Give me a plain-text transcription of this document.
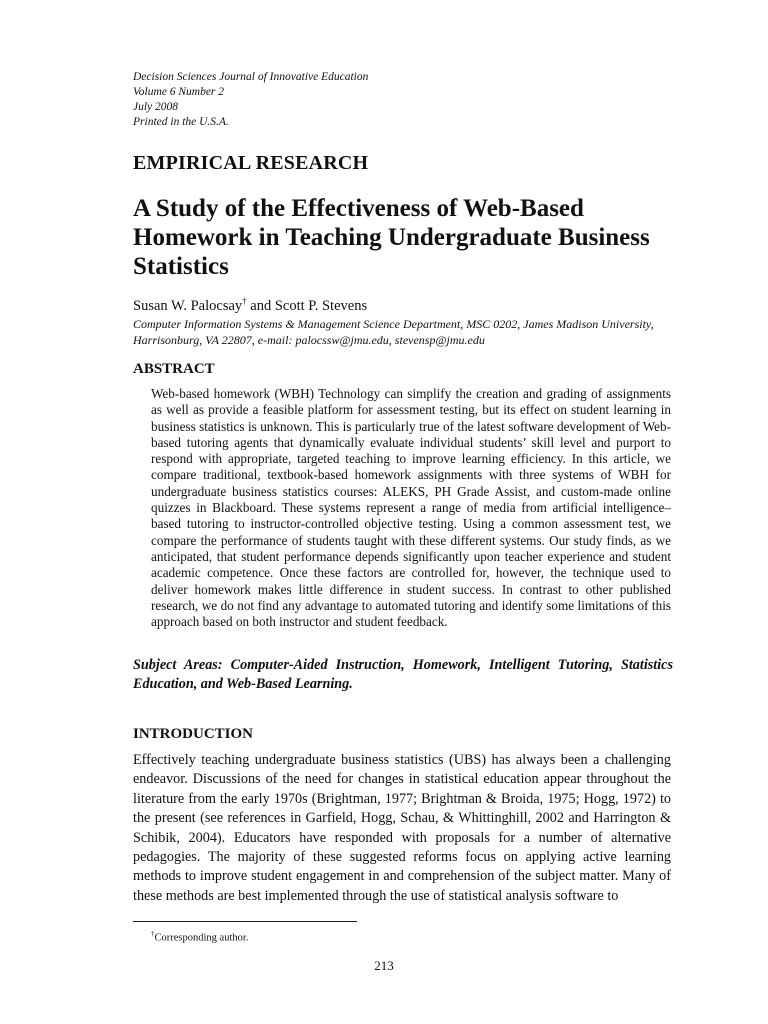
Decision Sciences Journal of Innovative Education
Volume 6 Number 2
July 2008
Printed in the U.S.A.
EMPIRICAL RESEARCH
A Study of the Effectiveness of Web-Based Homework in Teaching Undergraduate Business Statistics
Susan W. Palocsay† and Scott P. Stevens
Computer Information Systems & Management Science Department, MSC 0202, James Madison University, Harrisonburg, VA 22807, e-mail: palocssw@jmu.edu, stevensp@jmu.edu
ABSTRACT
Web-based homework (WBH) Technology can simplify the creation and grading of assignments as well as provide a feasible platform for assessment testing, but its effect on student learning in business statistics is unknown. This is particularly true of the latest software development of Web-based tutoring agents that dynamically evaluate individual students’ skill level and purport to respond with appropriate, targeted teaching to improve learning efficiency. In this article, we compare traditional, textbook-based homework assignments with three systems of WBH for undergraduate business statistics courses: ALEKS, PH Grade Assist, and custom-made online quizzes in Blackboard. These systems represent a range of media from artificial intelligence–based tutoring to instructor-controlled objective testing. Using a common assessment test, we compare the performance of students taught with these different systems. Our study finds, as we anticipated, that student performance depends significantly upon teacher experience and student academic competence. Once these factors are controlled for, however, the technique used to deliver homework makes little difference in student success. In contrast to other published research, we do not find any advantage to automated tutoring and identify some limitations of this approach based on both instructor and student feedback.
Subject Areas: Computer-Aided Instruction, Homework, Intelligent Tutoring, Statistics Education, and Web-Based Learning.
INTRODUCTION
Effectively teaching undergraduate business statistics (UBS) has always been a challenging endeavor. Discussions of the need for changes in statistical education appear throughout the literature from the early 1970s (Brightman, 1977; Brightman & Broida, 1975; Hogg, 1972) to the present (see references in Garfield, Hogg, Schau, & Whittinghill, 2002 and Harrington & Schibik, 2004). Educators have responded with proposals for a number of alternative pedagogies. The majority of these suggested reforms focus on applying active learning methods to improve student engagement in and comprehension of the subject matter. Many of these methods are best implemented through the use of statistical analysis software to
†Corresponding author.
213
